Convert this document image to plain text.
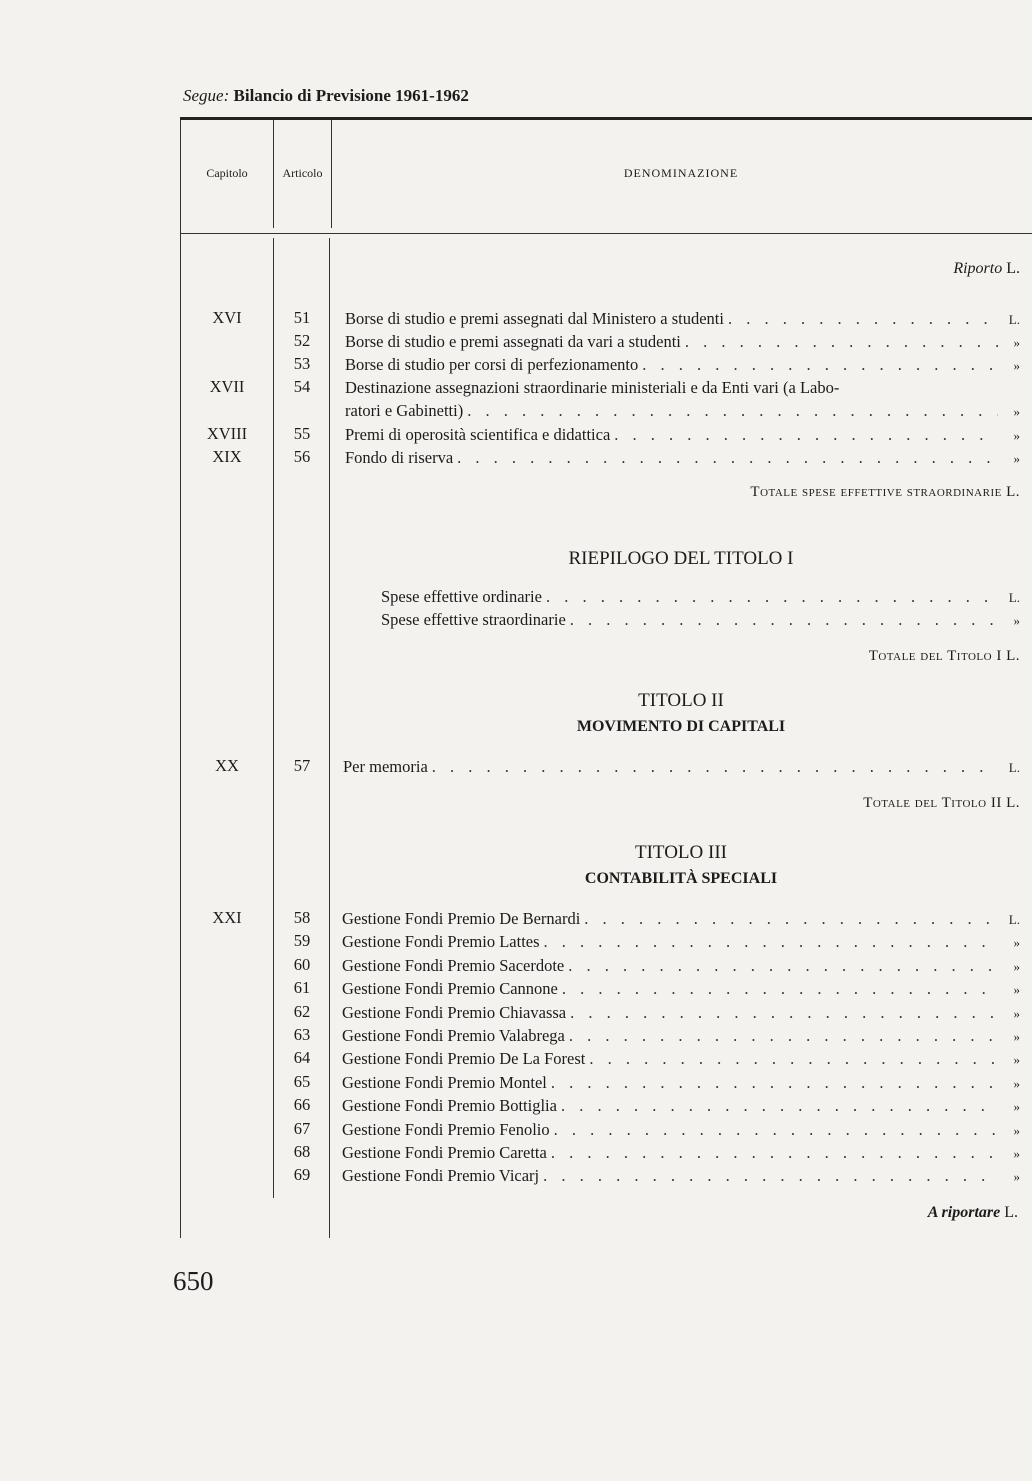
Segue: Bilancio di Previsione 1961-1962
Capitolo	Articolo	DENOMINAZIONE
Riporto L.
XVI	51	Borse di studio e premi assegnati dal Ministero a studenti . . .	L.
52	Borse di studio e premi assegnati da vari a studenti . . .	»
53	Borse di studio per corsi di perfezionamento . . .	»
XVII	54	Destinazione assegnazioni straordinarie ministeriali e da Enti vari (a Labo-
ratori e Gabinetti) . . .	»
XVIII	55	Premi di operosità scientifica e didattica . . .	»
XIX	56	Fondo di riserva . . .	»
Totale spese effettive straordinarie L.
RIEPILOGO DEL TITOLO I
Spese effettive ordinarie . . .	L.
Spese effettive straordinarie . . .	»
Totale del Titolo I L.
TITOLO II
MOVIMENTO DI CAPITALI
XX	57	Per memoria . . .	L.
Totale del Titolo II L.
TITOLO III
CONTABILITÀ SPECIALI
XXI	58	Gestione Fondi Premio De Bernardi . . .	L.
59	Gestione Fondi Premio Lattes . . .	»
60	Gestione Fondi Premio Sacerdote . . .	»
61	Gestione Fondi Premio Cannone . . .	»
62	Gestione Fondi Premio Chiavassa . . .	»
63	Gestione Fondi Premio Valabrega . . .	»
64	Gestione Fondi Premio De La Forest . . .	»
65	Gestione Fondi Premio Montel . . .	»
66	Gestione Fondi Premio Bottiglia . . .	»
67	Gestione Fondi Premio Fenolio . . .	»
68	Gestione Fondi Premio Caretta . . .	»
69	Gestione Fondi Premio Vicarj . . .	»
A riportare L.
650
